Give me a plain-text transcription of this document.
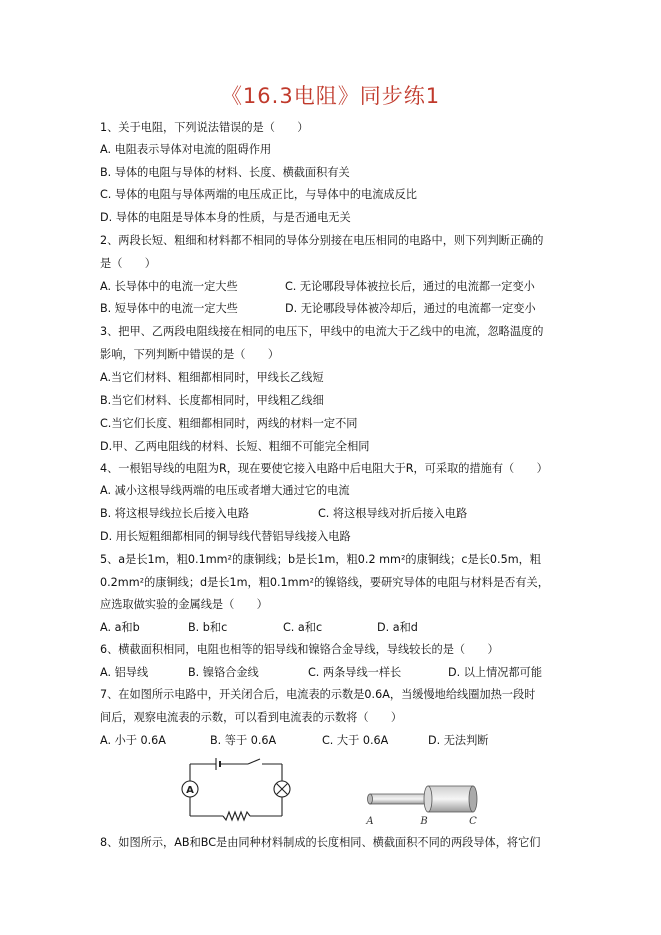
《16.3电阻》同步练1
1、关于电阻，下列说法错误的是（　　）
A. 电阻表示导体对电流的阻碍作用
B. 导体的电阻与导体的材料、长度、横截面积有关
C. 导体的电阻与导体两端的电压成正比，与导体中的电流成反比
D. 导体的电阻是导体本身的性质，与是否通电无关
2、两段长短、粗细和材料都不相同的导体分别接在电压相同的电路中，则下列判断正确的
是（　　）
A. 长导体中的电流一定大些	C. 无论哪段导体被拉长后，通过的电流都一定变小
B. 短导体中的电流一定大些	D. 无论哪段导体被冷却后，通过的电流都一定变小
3、把甲、乙两段电阻线接在相同的电压下，甲线中的电流大于乙线中的电流，忽略温度的
影响，下列判断中错误的是（　　）
A.当它们材料、粗细都相同时，甲线长乙线短
B.当它们材料、长度都相同时，甲线粗乙线细
C.当它们长度、粗细都相同时，两线的材料一定不同
D.甲、乙两电阻线的材料、长短、粗细不可能完全相同
4、一根铝导线的电阻为R，现在要使它接入电路中后电阻大于R，可采取的措施有（　　）
A. 减小这根导线两端的电压或者增大通过它的电流
B. 将这根导线拉长后接入电路	C. 将这根导线对折后接入电路
D. 用长短粗细都相同的铜导线代替铝导线接入电路
5、a是长1m，粗0.1mm²的康铜线；b是长1m，粗0.2 mm²的康铜线；c是长0.5m，粗
0.2mm²的康铜线；d是长1m，粗0.1mm²的镍铬线，要研究导体的电阻与材料是否有关，
应选取做实验的金属线是（　　）
A. a和b	B. b和c	C. a和c	D. a和d
6、横截面积相同，电阻也相等的铝导线和镍铬合金导线，导线较长的是（　　）
A. 铝导线	B. 镍铬合金线	C. 两条导线一样长	D. 以上情况都可能
7、在如图所示电路中，开关闭合后，电流表的示数是0.6A，当缓慢地给线圈加热一段时
间后，观察电流表的示数，可以看到电流表的示数将（　　）
A. 小于 0.6A	B. 等于 0.6A	C. 大于 0.6A	D. 无法判断
A
A	B	C
8、如图所示，AB和BC是由同种材料制成的长度相同、横截面积不同的两段导体，将它们
